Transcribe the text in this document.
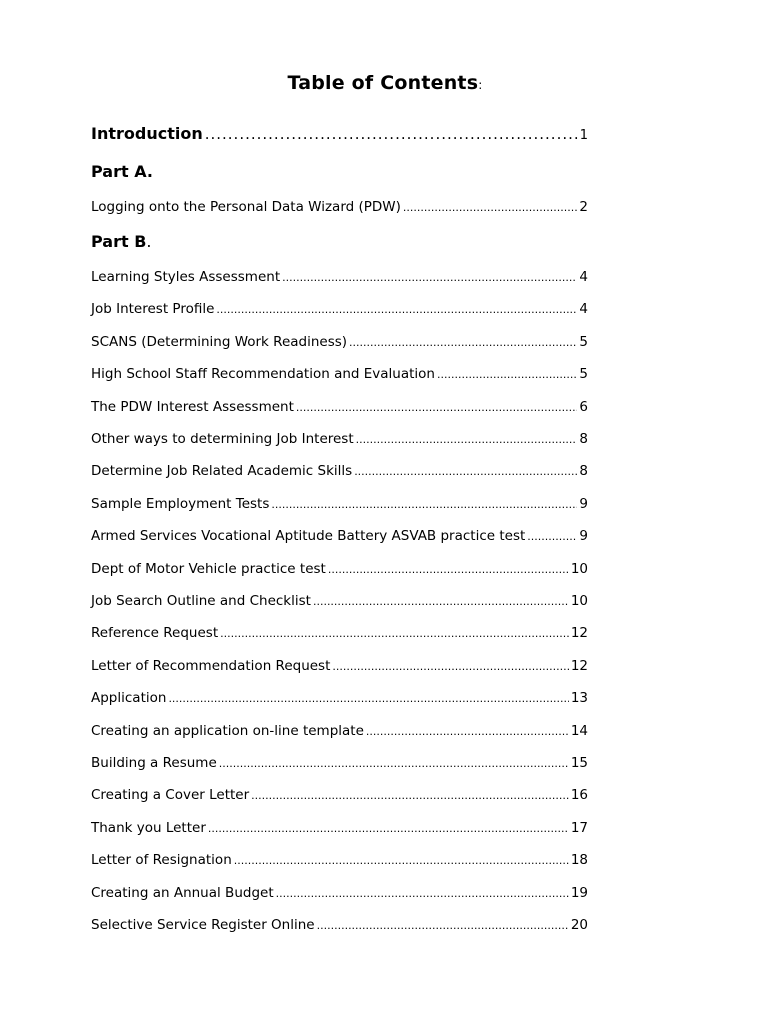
Table of Contents:
Introduction .....	1
Part A.
Logging onto the Personal Data Wizard (PDW) .....	2
Part B.
Learning Styles Assessment .....	4
Job Interest Profile .....	4
SCANS (Determining Work Readiness) .....	5
High School Staff Recommendation and Evaluation .....	5
The PDW Interest Assessment .....	6
Other ways to determining Job Interest .....	8
Determine Job Related Academic Skills .....	8
Sample Employment Tests .....	9
Armed Services Vocational Aptitude Battery ASVAB practice test .....	9
Dept of Motor Vehicle practice test .....	10
Job Search Outline and Checklist .....	10
Reference Request .....	12
Letter of Recommendation Request .....	12
Application .....	13
Creating an application on-line template .....	14
Building a Resume .....	15
Creating a Cover Letter .....	16
Thank you Letter .....	17
Letter of Resignation .....	18
Creating an Annual Budget .....	19
Selective Service Register Online .....	20
